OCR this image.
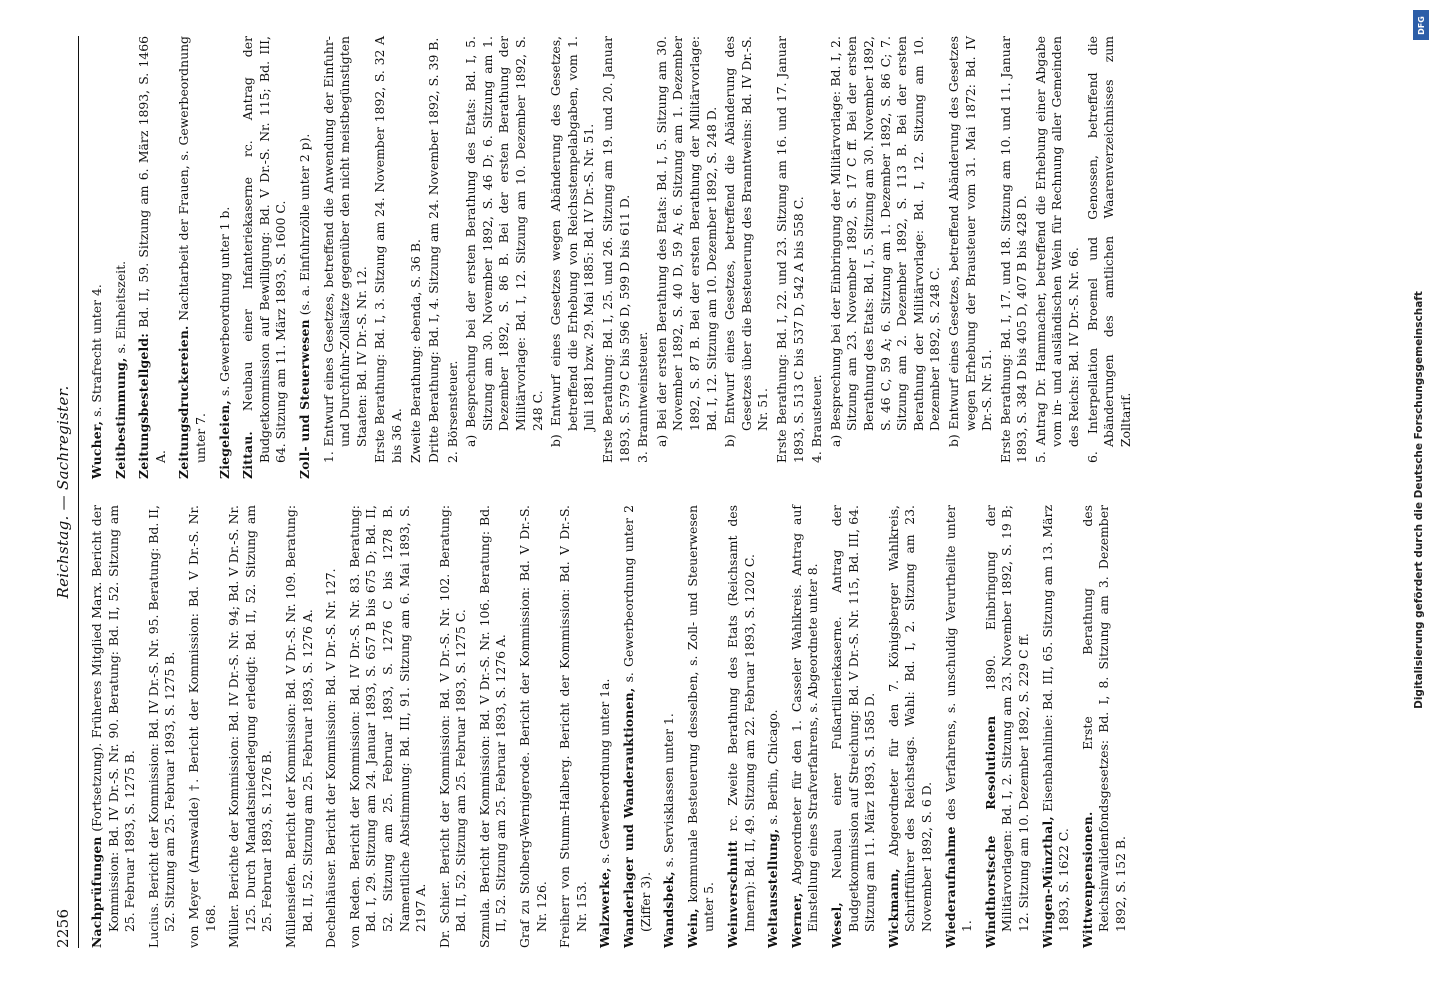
2256
Reichstag. — Sachregister.

Nachprüfungen (Fortsetzung). Früheres Mitglied Marx. Bericht der Kommission: Bd. IV Dr.-S. Nr. 90. Beratung: Bd. II, 52. Sitzung am 25. Februar 1893, S. 1275 B. Lucius. Bericht der Kommission: Bd. IV Dr.-S. Nr. 95. Beratung: Bd. II, 52. Sitzung am 25. Februar 1893, S. 1275 B. von Meyer (Arnswalde) †. Bericht der Kommission: Bd. V Dr.-S. Nr. 168. Müller. Berichte der Kommission: Bd. IV Dr.-S. Nr. 94; Bd. V Dr.-S. Nr. 125. Durch Mandatsniederlegung erledigt: Bd. II, 52. Sitzung am 25. Februar 1893, S. 1276 B. Müllensiefen. Bericht der Kommission: Bd. V Dr.-S. Nr. 109. Beratung: Bd. II, 52. Sitzung am 25. Februar 1893, S. 1276 A. Dechelhäuser. Bericht der Kommission: Bd. V Dr.-S. Nr. 127. von Reden. Bericht der Kommission: Bd. IV Dr.-S. Nr. 83. Beratung: Bd. I, 29. Sitzung am 24. Januar 1893, S. 657 B bis 675 D; Bd. II, 52. Sitzung am 25. Februar 1893, S. 1276 C bis 1278 B. Namentliche Abstimmung: Bd. III, 91. Sitzung am 6. Mai 1893, S. 2197 A. Dr. Schier. Bericht der Kommission: Bd. V Dr.-S. Nr. 102. Beratung: Bd. II, 52. Sitzung am 25. Februar 1893, S. 1275 C. Szmula. Bericht der Kommission: Bd. V Dr.-S. Nr. 106. Beratung: Bd. II, 52. Sitzung am 25. Februar 1893, S. 1276 A. Graf zu Stolberg-Wernigerode. Bericht der Kommission: Bd. V Dr.-S. Nr. 126. Freiherr von Stumm-Halberg. Bericht der Kommission: Bd. V Dr.-S. Nr. 153. Walzwerke, s. Gewerbeordnung unter 1a. Wanderlager und Wanderauktionen, s. Gewerbeordnung unter 2 (Ziffer 3). Wandsbek, s. Servisklassen unter 1.

Wein, kommunale Besteuerung desselben, s. Zoll- und Steuerwesen unter 5. Weinverschnitt rc. Zweite Berathung des Etats (Reichsamt des Innern): Bd. II, 49. Sitzung am 22. Februar 1893, S. 1202 C. Weltausstellung, s. Berlin, Chicago.

Werner, Abgeordneter für den 1. Casseler Wahlkreis. Antrag auf Einstellung eines Strafverfahrens, s. Abgeordnete unter 8. Wesel, Neubau einer Fußartilleriekaserne. Antrag der Budgetkommission auf Streichung: Bd. V Dr.-S. Nr. 115, Bd. III, 64. Sitzung am 11. März 1893, S. 1585 D. Wickmann, Abgeordneter für den 7. Königsberger Wahlkreis, Schriftführer des Reichstags. Wahl: Bd. I, 2. Sitzung am 23. November 1892, S. 6 D. Wiederaufnahme des Verfahrens, s. unschuldig Verurtheilte unter 1. Windthorstsche Resolutionen 1890. Einbringung der Militärvorlagen: Bd. I, 2. Sitzung am 23. November 1892, S. 19 B; 12. Sitzung am 10. Dezember 1892, S. 229 C ff. Wingen-Münzthal, Eisenbahnlinie: Bd. III, 65. Sitzung am 13. März 1893, S. 1622 C. Wittwenpensionen. Erste Berathung des Reichsinvalidenfondsgesetzes: Bd. I, 8. Sitzung am 3. Dezember 1892, S. 152 B.

Wucher, s. Strafrecht unter 4. Zeitbestimmung, s. Einheitszeit.

Zeitungsbestellgeld: Bd. II, 59. Sitzung am 6. März 1893, S. 1466 A. Zeitungsdruckereien. Nachtarbeit der Frauen, s. Gewerbeordnung unter 7. Ziegeleien, s. Gewerbeordnung unter 1 b.

Zittau. Neubau einer Infanteriekaserne rc. Antrag der Budgetkommission auf Bewilligung: Bd. V Dr.-S. Nr. 115; Bd. III, 64. Sitzung am 11. März 1893, S. 1600 C. Zoll- und Steuerwesen (s. a. Einfuhrzölle unter 2 p). 1. Entwurf eines Gesetzes, betreffend die Anwendung der Einfuhr- und Durchfuhr-Zollsätze gegenüber den nicht meistbegünstigten Staaten: Bd. IV Dr.-S. Nr. 12. Erste Berathung: Bd. I, 3. Sitzung am 24. November 1892, S. 32 A bis 36 A. Zweite Berathung: ebenda, S. 36 B. Dritte Berathung: Bd. I, 4. Sitzung am 24. November 1892, S. 39 B. 2. Börsensteuer. a) Besprechung bei der ersten Berathung des Etats: Bd. I, 5. Sitzung am 30. November 1892, S. 46 D; 6. Sitzung am 1. Dezember 1892, S. 86 B. Bei der ersten Berathung der Militärvorlage: Bd. I, 12. Sitzung am 10. Dezember 1892, S. 248 C. b) Entwurf eines Gesetzes wegen Abänderung des Gesetzes, betreffend die Erhebung von Reichsstempelabgaben, vom 1. Juli 1881 bzw. 29. Mai 1885: Bd. IV Dr.-S. Nr. 51. Erste Berathung: Bd. I, 25. und 26. Sitzung am 19. und 20. Januar 1893, S. 579 C bis 596 D, 599 D bis 611 D. 3. Branntweinsteuer. a) Bei der ersten Berathung des Etats: Bd. I, 5. Sitzung am 30. November 1892, S. 40 D, 59 A; 6. Sitzung am 1. Dezember 1892, S. 87 B. Bei der ersten Berathung der Militärvorlage: Bd. I, 12. Sitzung am 10. Dezember 1892, S. 248 D. b) Entwurf eines Gesetzes, betreffend die Abänderung des Gesetzes über die Besteuerung des Branntweins: Bd. IV Dr.-S. Nr. 51. Erste Berathung: Bd. I, 22. und 23. Sitzung am 16. und 17. Januar 1893, S. 513 C bis 537 D, 542 A bis 558 C. 4. Brausteuer. a) Besprechung bei der Einbringung der Militärvorlage: Bd. I, 2. Sitzung am 23. November 1892, S. 17 C ff. Bei der ersten Berathung des Etats: Bd. I, 5. Sitzung am 30. November 1892, S. 46 C, 59 A; 6. Sitzung am 1. Dezember 1892, S. 86 C; 7. Sitzung am 2. Dezember 1892, S. 113 B. Bei der ersten Berathung der Militärvorlage: Bd. I, 12. Sitzung am 10. Dezember 1892, S. 248 C. b) Entwurf eines Gesetzes, betreffend Abänderung des Gesetzes wegen Erhebung der Brausteuer vom 31. Mai 1872: Bd. IV Dr.-S. Nr. 51. Erste Berathung: Bd. I, 17. und 18. Sitzung am 10. und 11. Januar 1893, S. 384 D bis 405 D, 407 B bis 428 D. 5. Antrag Dr. Hammacher, betreffend die Erhebung einer Abgabe vom in- und ausländischen Wein für Rechnung aller Gemeinden des Reichs: Bd. IV Dr.-S. Nr. 66. 6. Interpellation Broemel und Genossen, betreffend die Abänderungen des amtlichen Waarenverzeichnisses zum Zolltarif.	Digitalisierung gefördert durch die Deutsche Forschungsgemeinschaft
DFG
